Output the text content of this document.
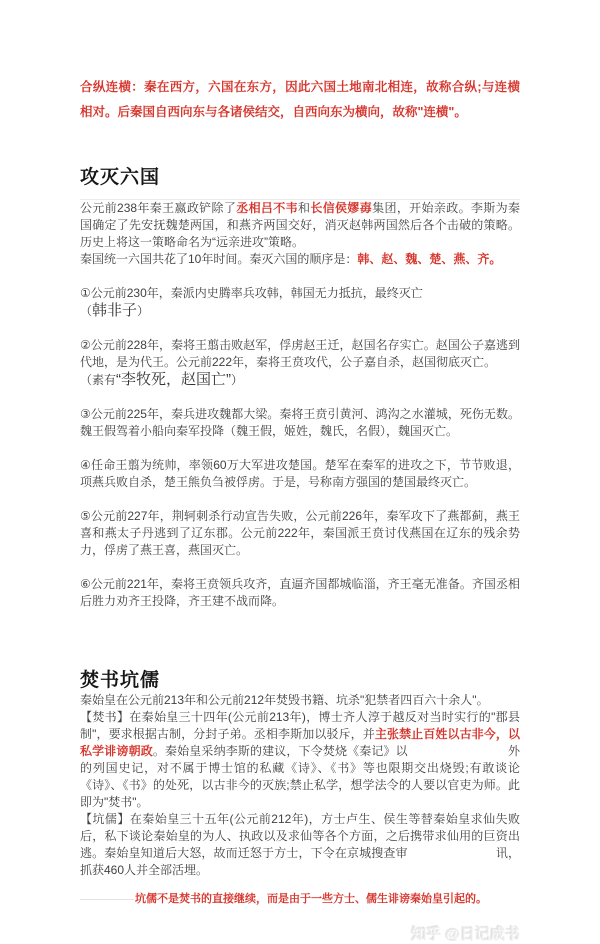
合纵连横：秦在西方，六国在东方，因此六国土地南北相连，故称合纵;与连横相对。后秦国自西向东与各诸侯结交，自西向东为横向，故称"连横"。

攻灭六国

公元前238年秦王嬴政铲除了丞相吕不韦和长信侯嫪毐集团，开始亲政。李斯为秦国确定了先安抚魏楚两国，和燕齐两国交好，消灭赵韩两国然后各个击破的策略。历史上将这一策略命名为“远亲进攻”策略。

秦国统一六国共花了10年时间。秦灭六国的顺序是：韩、赵、魏、楚、燕、齐。

①公元前230年，秦派内史腾率兵攻韩，韩国无力抵抗，最终灭亡

（韩非子）

②公元前228年，秦将王翦击败赵军，俘虏赵王迁，赵国名存实亡。赵国公子嘉逃到代地，是为代王。公元前222年，秦将王贲攻代，公子嘉自杀，赵国彻底灭亡。

（素有“李牧死，赵国亡”）

③公元前225年，秦兵进攻魏都大梁。秦将王贲引黄河、鸿沟之水灌城，死伤无数。魏王假驾着小船向秦军投降（魏王假，姬姓，魏氏，名假），魏国灭亡。

④任命王翦为统帅，率领60万大军进攻楚国。楚军在秦军的进攻之下，节节败退，项燕兵败自杀，楚王熊负刍被俘虏。于是，号称南方强国的楚国最终灭亡。

⑤公元前227年，荆轲刺杀行动宣告失败，公元前226年，秦军攻下了燕都蓟，燕王喜和燕太子丹逃到了辽东郡。公元前222年，秦国派王贲讨伐燕国在辽东的残余势力，俘虏了燕王喜，燕国灭亡。

⑥公元前221年，秦将王贲领兵攻齐，直逼齐国都城临淄，齐王毫无准备。齐国丞相后胜力劝齐王投降，齐王建不战而降。

焚书坑儒

秦始皇在公元前213年和公元前212年焚毁书籍、坑杀"犯禁者四百六十余人"。

【焚书】在秦始皇三十四年(公元前213年)，博士齐人淳于越反对当时实行的"郡县制"，要求根据古制，分封子弟。丞相李斯加以驳斥，并主张禁止百姓以古非今，以私学诽谤朝政。秦始皇采纳李斯的建议，下令焚烧《秦记》以	外的列国史记，对不属于博士馆的私藏《诗》、《书》等也限期交出烧毁;有敢谈论《诗》、《书》的处死，以古非今的灭族;禁止私学，想学法令的人要以官吏为师。此即为"焚书"。

【坑儒】在秦始皇三十五年(公元前212年)，方士卢生、侯生等替秦始皇求仙失败后，私下谈论秦始皇的为人、执政以及求仙等各个方面，之后携带求仙用的巨资出逃。秦始皇知道后大怒，故而迁怒于方士，下令在京城搜查审	讯，抓获460人并全部活埋。

坑儒不是焚书的直接继续，而是由于一些方士、儒生诽谤秦始皇引起的。

知乎 @日记成书
